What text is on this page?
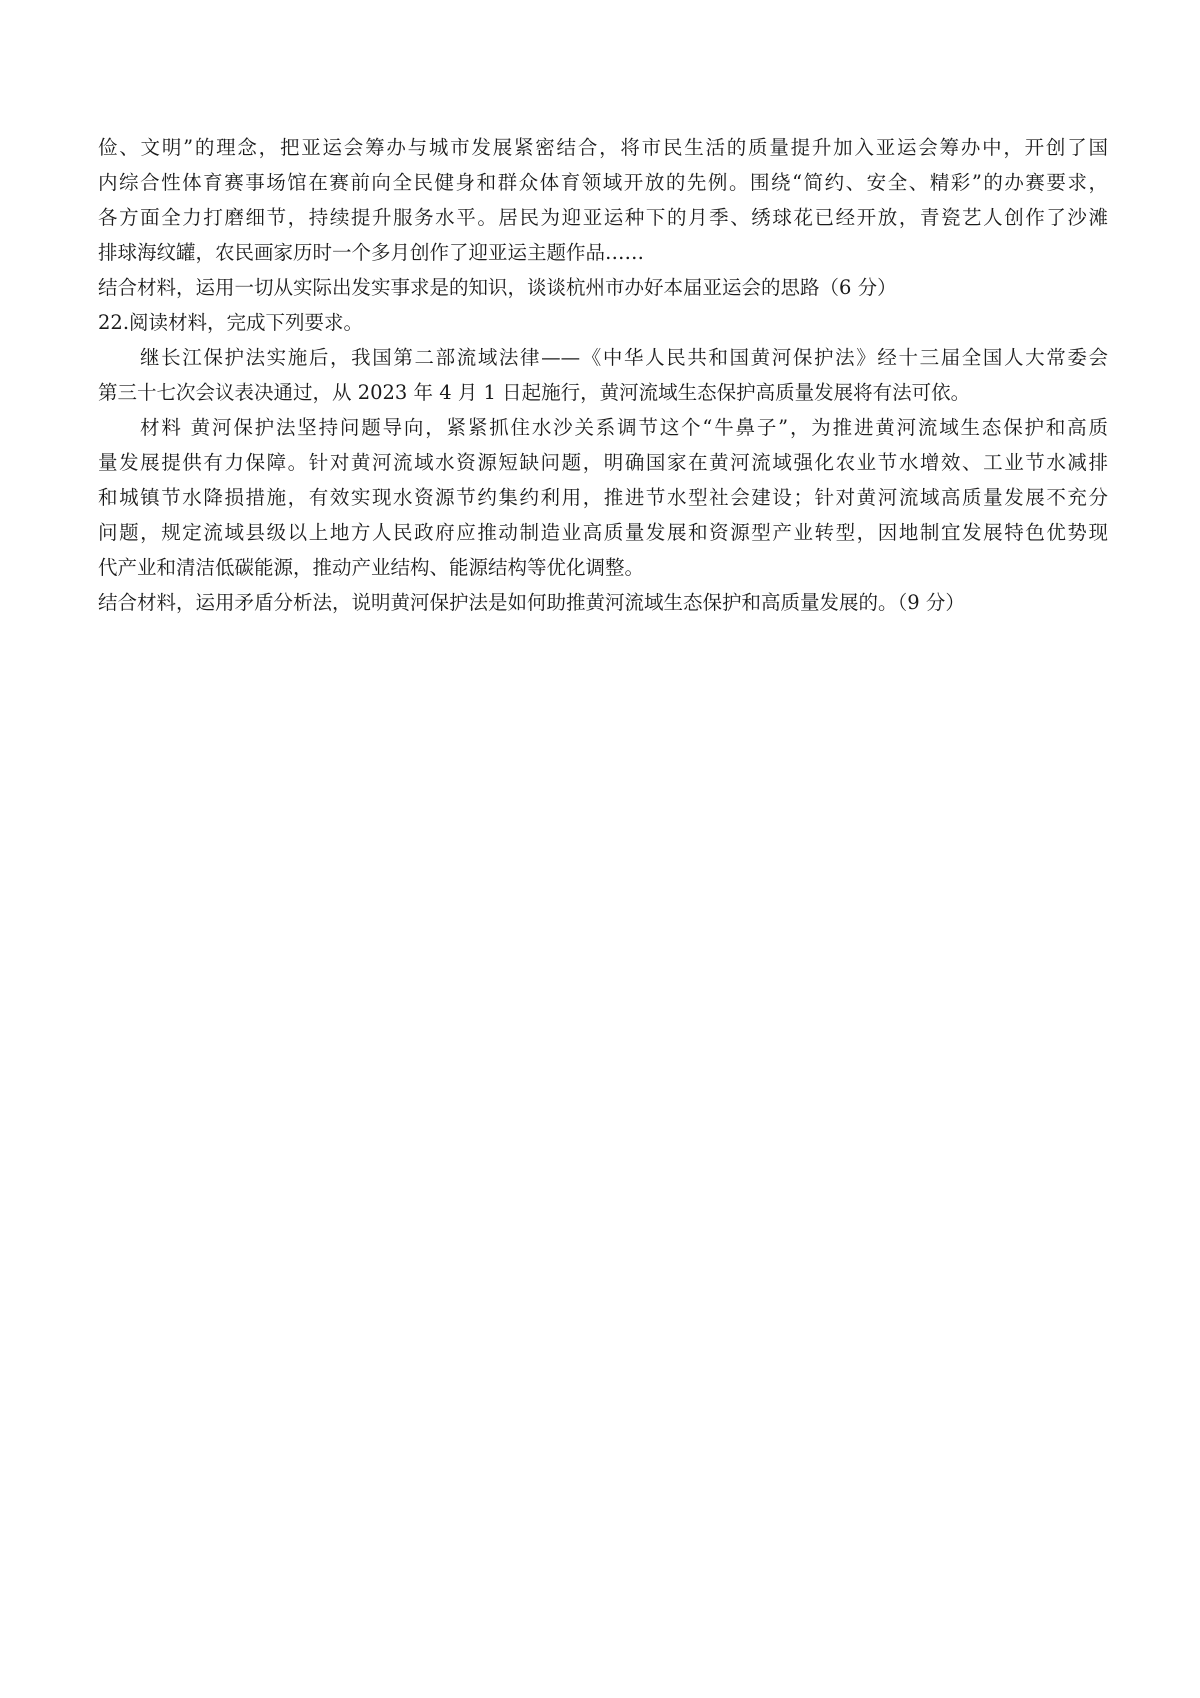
俭、文明”的理念，把亚运会筹办与城市发展紧密结合，将市民生活的质量提升加入亚运会筹办中，开创了国
内综合性体育赛事场馆在赛前向全民健身和群众体育领域开放的先例。围绕“简约、安全、精彩”的办赛要求，
各方面全力打磨细节，持续提升服务水平。居民为迎亚运种下的月季、绣球花已经开放，青瓷艺人创作了沙滩
排球海纹罐，农民画家历时一个多月创作了迎亚运主题作品……
结合材料，运用一切从实际出发实事求是的知识，谈谈杭州市办好本届亚运会的思路（6 分）
22.阅读材料，完成下列要求。
继长江保护法实施后，我国第二部流域法律——《中华人民共和国黄河保护法》经十三届全国人大常委会
第三十七次会议表决通过，从 2023 年 4 月 1 日起施行，黄河流域生态保护高质量发展将有法可依。
材料 黄河保护法坚持问题导向，紧紧抓住水沙关系调节这个“牛鼻子”，为推进黄河流域生态保护和高质
量发展提供有力保障。针对黄河流域水资源短缺问题，明确国家在黄河流域强化农业节水增效、工业节水减排
和城镇节水降损措施，有效实现水资源节约集约利用，推进节水型社会建设；针对黄河流域高质量发展不充分
问题，规定流域县级以上地方人民政府应推动制造业高质量发展和资源型产业转型，因地制宜发展特色优势现
代产业和清洁低碳能源，推动产业结构、能源结构等优化调整。
结合材料，运用矛盾分析法，说明黄河保护法是如何助推黄河流域生态保护和高质量发展的。（9 分）
